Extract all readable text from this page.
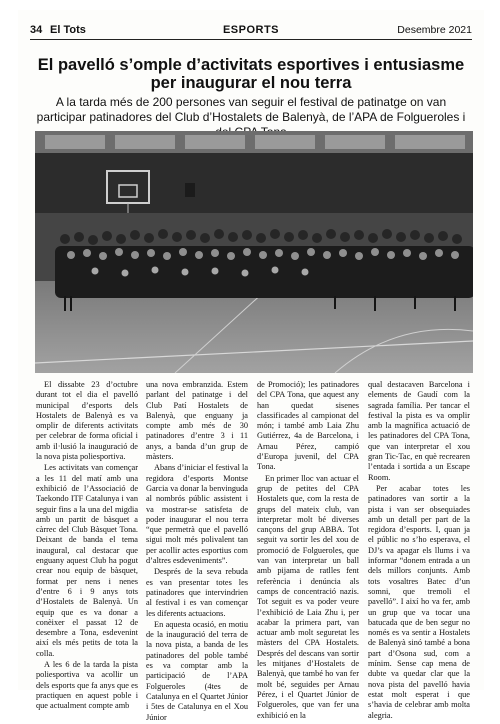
34 El Tots	ESPORTS	Desembre 2021
El pavelló s’omple d’activitats esportives i entusiasme per inaugurar el nou terra
A la tarda més de 200 persones van seguir el festival de patinatge on van participar patinadores del Club d’Hostalets de Balenyà, de l’APA de Folgueroles i

El dissabte 23 d’octubre durant tot el dia el pavelló municipal d’esports dels Hostalets de Balenyà es va omplir de diferents activitats per celebrar de forma oficial i amb il·lusió la inauguració de la nova pista poliesportiva.

Les activitats van començar a les 11 del matí amb una exhibició de l’Associació de Taekondo ITF Catalunya i van seguir fins a la una del migdia amb un partit de bàsquet a càrrec del Club Bàsquet Tona. Deixant de banda el tema inaugural, cal destacar que enguany aquest Club ha pogut crear nou equip de bàsquet, format per nens i nenes d’entre 6 i 9 anys tots d’Hostalets de Balenyà. Un equip que es va donar a conèixer el passat 12 de desembre a Tona, esdevenint així els més petits de tota la colla.

A les 6 de la tarda la pista poliesportiva va acollir un dels esports que fa anys que es practiquen en aquest poble i que actualment compte amb

una nova embranzida. Estem parlant del patinatge i del Club Patí Hostalets de Balenyà, que enguany ja compte amb més de 30 patinadores d’entre 3 i 11 anys, a banda d’un grup de màsters.

Abans d’iniciar el festival la regidora d’esports Montse Garcia va donar la benvinguda al nombrós públic assistent i va mostrar-se satisfeta de poder inaugurar el nou terra “que permetrà que el pavelló sigui molt més polivalent tan per acollir actes esportius com d’altres esdeveniments”.

Després de la seva rebuda es van presentar totes les patinadores que intervindrien al festival i es van començar les diferents actuacions.

En aquesta ocasió, en motiu de la inauguració del terra de la nova pista, a banda de les patinadores del poble també es va comptar amb la participació de l’APA Folgueroles (4tes de Catalunya en el Quartet Júnior i 5tes de Catalunya en el Xou Júnior

de Promoció); les patinadores del CPA Tona, que aquest any han quedat sisenes classificades al campionat del món; i també amb Laia Zhu Gutiérrez, 4a de Barcelona, i Arnau Pérez, campió d’Europa juvenil, del CPA Tona.

En primer lloc van actuar el grup de petites del CPA Hostalets que, com la resta de grups del mateix club, van interpretar molt bé diverses cançons del grup ABBA. Tot seguit va sortir les del xou de promoció de Folgueroles, que van van interpretar un ball amb pijama de ratlles fent referència i denúncia als camps de concentració nazis. Tot seguit es va poder veure l’exhibició de Laia Zhu i, per acabar la primera part, van actuar amb molt seguretat les màsters del CPA Hostalets. Després del descans van sortir les mitjanes d’Hostalets de Balenyà, que també ho van fer molt bé, seguides per Arnau Pérez, i el Quartet Júnior de Folgueroles, que van fer una exhibició en la

qual destacaven Barcelona i elements de Gaudí com la sagrada família. Per tancar el festival la pista es va omplir amb la magnífica actuació de les patinadores del CPA Tona, que van interpretar el xou gran Tic-Tac, en què recrearen l’entada i sortida a un Escape Room.

Per acabar totes les patinadores van sortir a la pista i van ser obsequiades amb un detall per part de la regidora d’esports. I, quan ja el públic no s’ho esperava, el DJ’s va apagar els llums i va informar “donem entrada a un dels millors conjunts. Amb tots vosaltres Batec d’un somni, que tremoli el pavelló”. I així ho va fer, amb un grup que va tocar una batucada que de ben segur no només es va sentir a Hostalets de Balenyà sinó també a bona part d’Osona sud, com a mínim. Sense cap mena de dubte va quedar clar que la nova pista del pavelló havia estat molt esperat i que s’havia de celebrar amb molta alegria.
